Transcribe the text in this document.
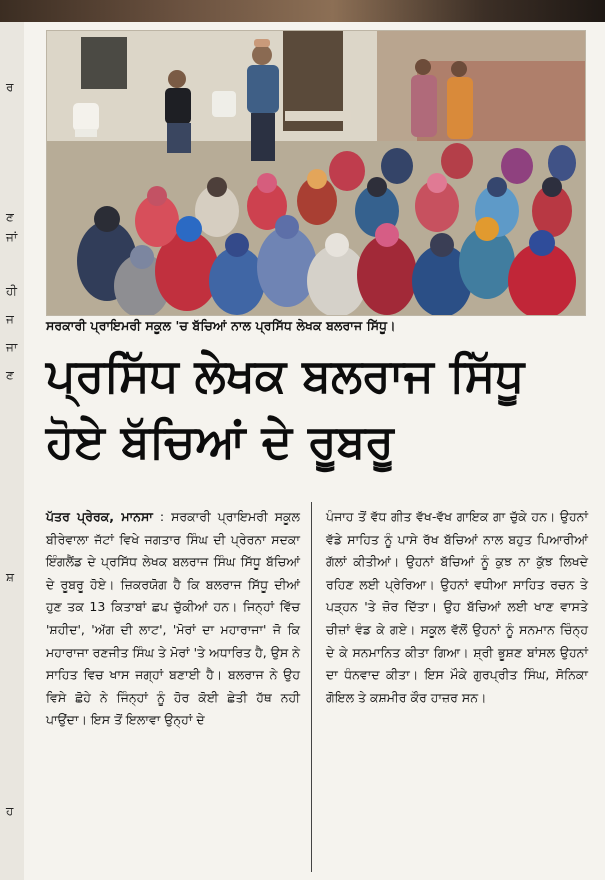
ਰ
ਣ
ਜਾਂ
ਹੀ
ਜ
ਜਾ
ਣ
ਸ਼
ਹ
ਸਰਕਾਰੀ ਪ੍ਰਾਇਮਰੀ ਸਕੂਲ 'ਚ ਬੱਚਿਆਂ ਨਾਲ ਪ੍ਰਸਿੱਧ ਲੇਖਕ ਬਲਰਾਜ ਸਿੱਧੂ।
ਪ੍ਰਸਿੱਧ ਲੇਖਕ ਬਲਰਾਜ ਸਿੱਧੂ
ਹੋਏ ਬੱਚਿਆਂ ਦੇ ਰੂਬਰੂ
ਪੱਤਰ ਪ੍ਰੇਰਕ, ਮਾਨਸਾ : ਸਰਕਾਰੀ ਪ੍ਰਾਇਮਰੀ ਸਕੂਲ ਬੀਰੇਵਾਲਾ ਜੱਟਾਂ ਵਿਖੇ ਜਗਤਾਰ ਸਿੰਘ ਦੀ ਪ੍ਰੇਰਨਾ ਸਦਕਾ ਇੰਗਲੈਂਡ ਦੇ ਪ੍ਰਸਿੱਧ ਲੇਖਕ ਬਲਰਾਜ ਸਿੰਘ ਸਿੱਧੂ ਬੱਚਿਆਂ ਦੇ ਰੂਬਰੂ ਹੋਏ। ਜ਼ਿਕਰਯੋਗ ਹੈ ਕਿ ਬਲਰਾਜ ਸਿੱਧੂ ਦੀਆਂ ਹੁਣ ਤਕ 13 ਕਿਤਾਬਾਂ ਛਪ ਚੁੱਕੀਆਂ ਹਨ। ਜਿਨ੍ਹਾਂ ਵਿੱਚ 'ਸ਼ਹੀਦ', 'ਅੱਗ ਦੀ ਲਾਟ', 'ਮੋਰਾਂ ਦਾ ਮਹਾਰਾਜਾ' ਜੋ ਕਿ ਮਹਾਰਾਜਾ ਰਣਜੀਤ ਸਿੰਘ ਤੇ ਮੋਰਾਂ 'ਤੇ ਅਧਾਰਿਤ ਹੈ, ਉਸ ਨੇ ਸਾਹਿਤ ਵਿਚ ਖਾਸ ਜਗ੍ਹਾਂ ਬਣਾਈ ਹੈ। ਬਲਰਾਜ ਨੇ ਉਹ ਵਿਸੇ ਛੋਹੇ ਨੇ ਜਿੰਨ੍ਹਾਂ ਨੂੰ ਹੋਰ ਕੋਈ ਛੇਤੀ ਹੱਥ ਨਹੀ ਪਾਉਂਦਾ। ਇਸ ਤੋਂ ਇਲਾਵਾ ਉਨ੍ਹਾਂ ਦੇ
ਪੰਜਾਹ ਤੋਂ ਵੱਧ ਗੀਤ ਵੱਖ-ਵੱਖ ਗਾਇਕ ਗਾ ਚੁੱਕੇ ਹਨ। ਉਹਨਾਂ ਵੱਡੇ ਸਾਹਿਤ ਨੂੰ ਪਾਸੇ ਰੱਖ ਬੱਚਿਆਂ ਨਾਲ ਬਹੁਤ ਪਿਆਰੀਆਂ ਗੱਲਾਂ ਕੀਤੀਆਂ। ਉਹਨਾਂ ਬੱਚਿਆਂ ਨੂੰ ਕੁਝ ਨਾ ਕੁੱਝ ਲਿਖਦੇ ਰਹਿਣ ਲਈ ਪ੍ਰੇਰਿਆ। ਉਹਨਾਂ ਵਧੀਆ ਸਾਹਿਤ ਰਚਨ ਤੇ ਪੜ੍ਹਨ 'ਤੇ ਜ਼ੋਰ ਦਿੱਤਾ। ਉਹ ਬੱਚਿਆਂ ਲਈ ਖਾਣ ਵਾਸਤੇ ਚੀਜ਼ਾਂ ਵੰਡ ਕੇ ਗਏ। ਸਕੂਲ ਵੱਲੋਂ ਉਹਨਾਂ ਨੂੰ ਸਨਮਾਨ ਚਿੰਨ੍ਹ ਦੇ ਕੇ ਸਨਮਾਨਿਤ ਕੀਤਾ ਗਿਆ। ਸ਼੍ਰੀ ਭੂਸ਼ਣ ਬਾਂਸਲ ਉਹਨਾਂ ਦਾ ਧੰਨਵਾਦ ਕੀਤਾ। ਇਸ ਮੌਕੇ ਗੁਰਪ੍ਰੀਤ ਸਿੰਘ, ਸੋਨਿਕਾ ਗੋਇਲ ਤੇ ਕਸ਼ਮੀਰ ਕੌਰ ਹਾਜ਼ਰ ਸਨ।
